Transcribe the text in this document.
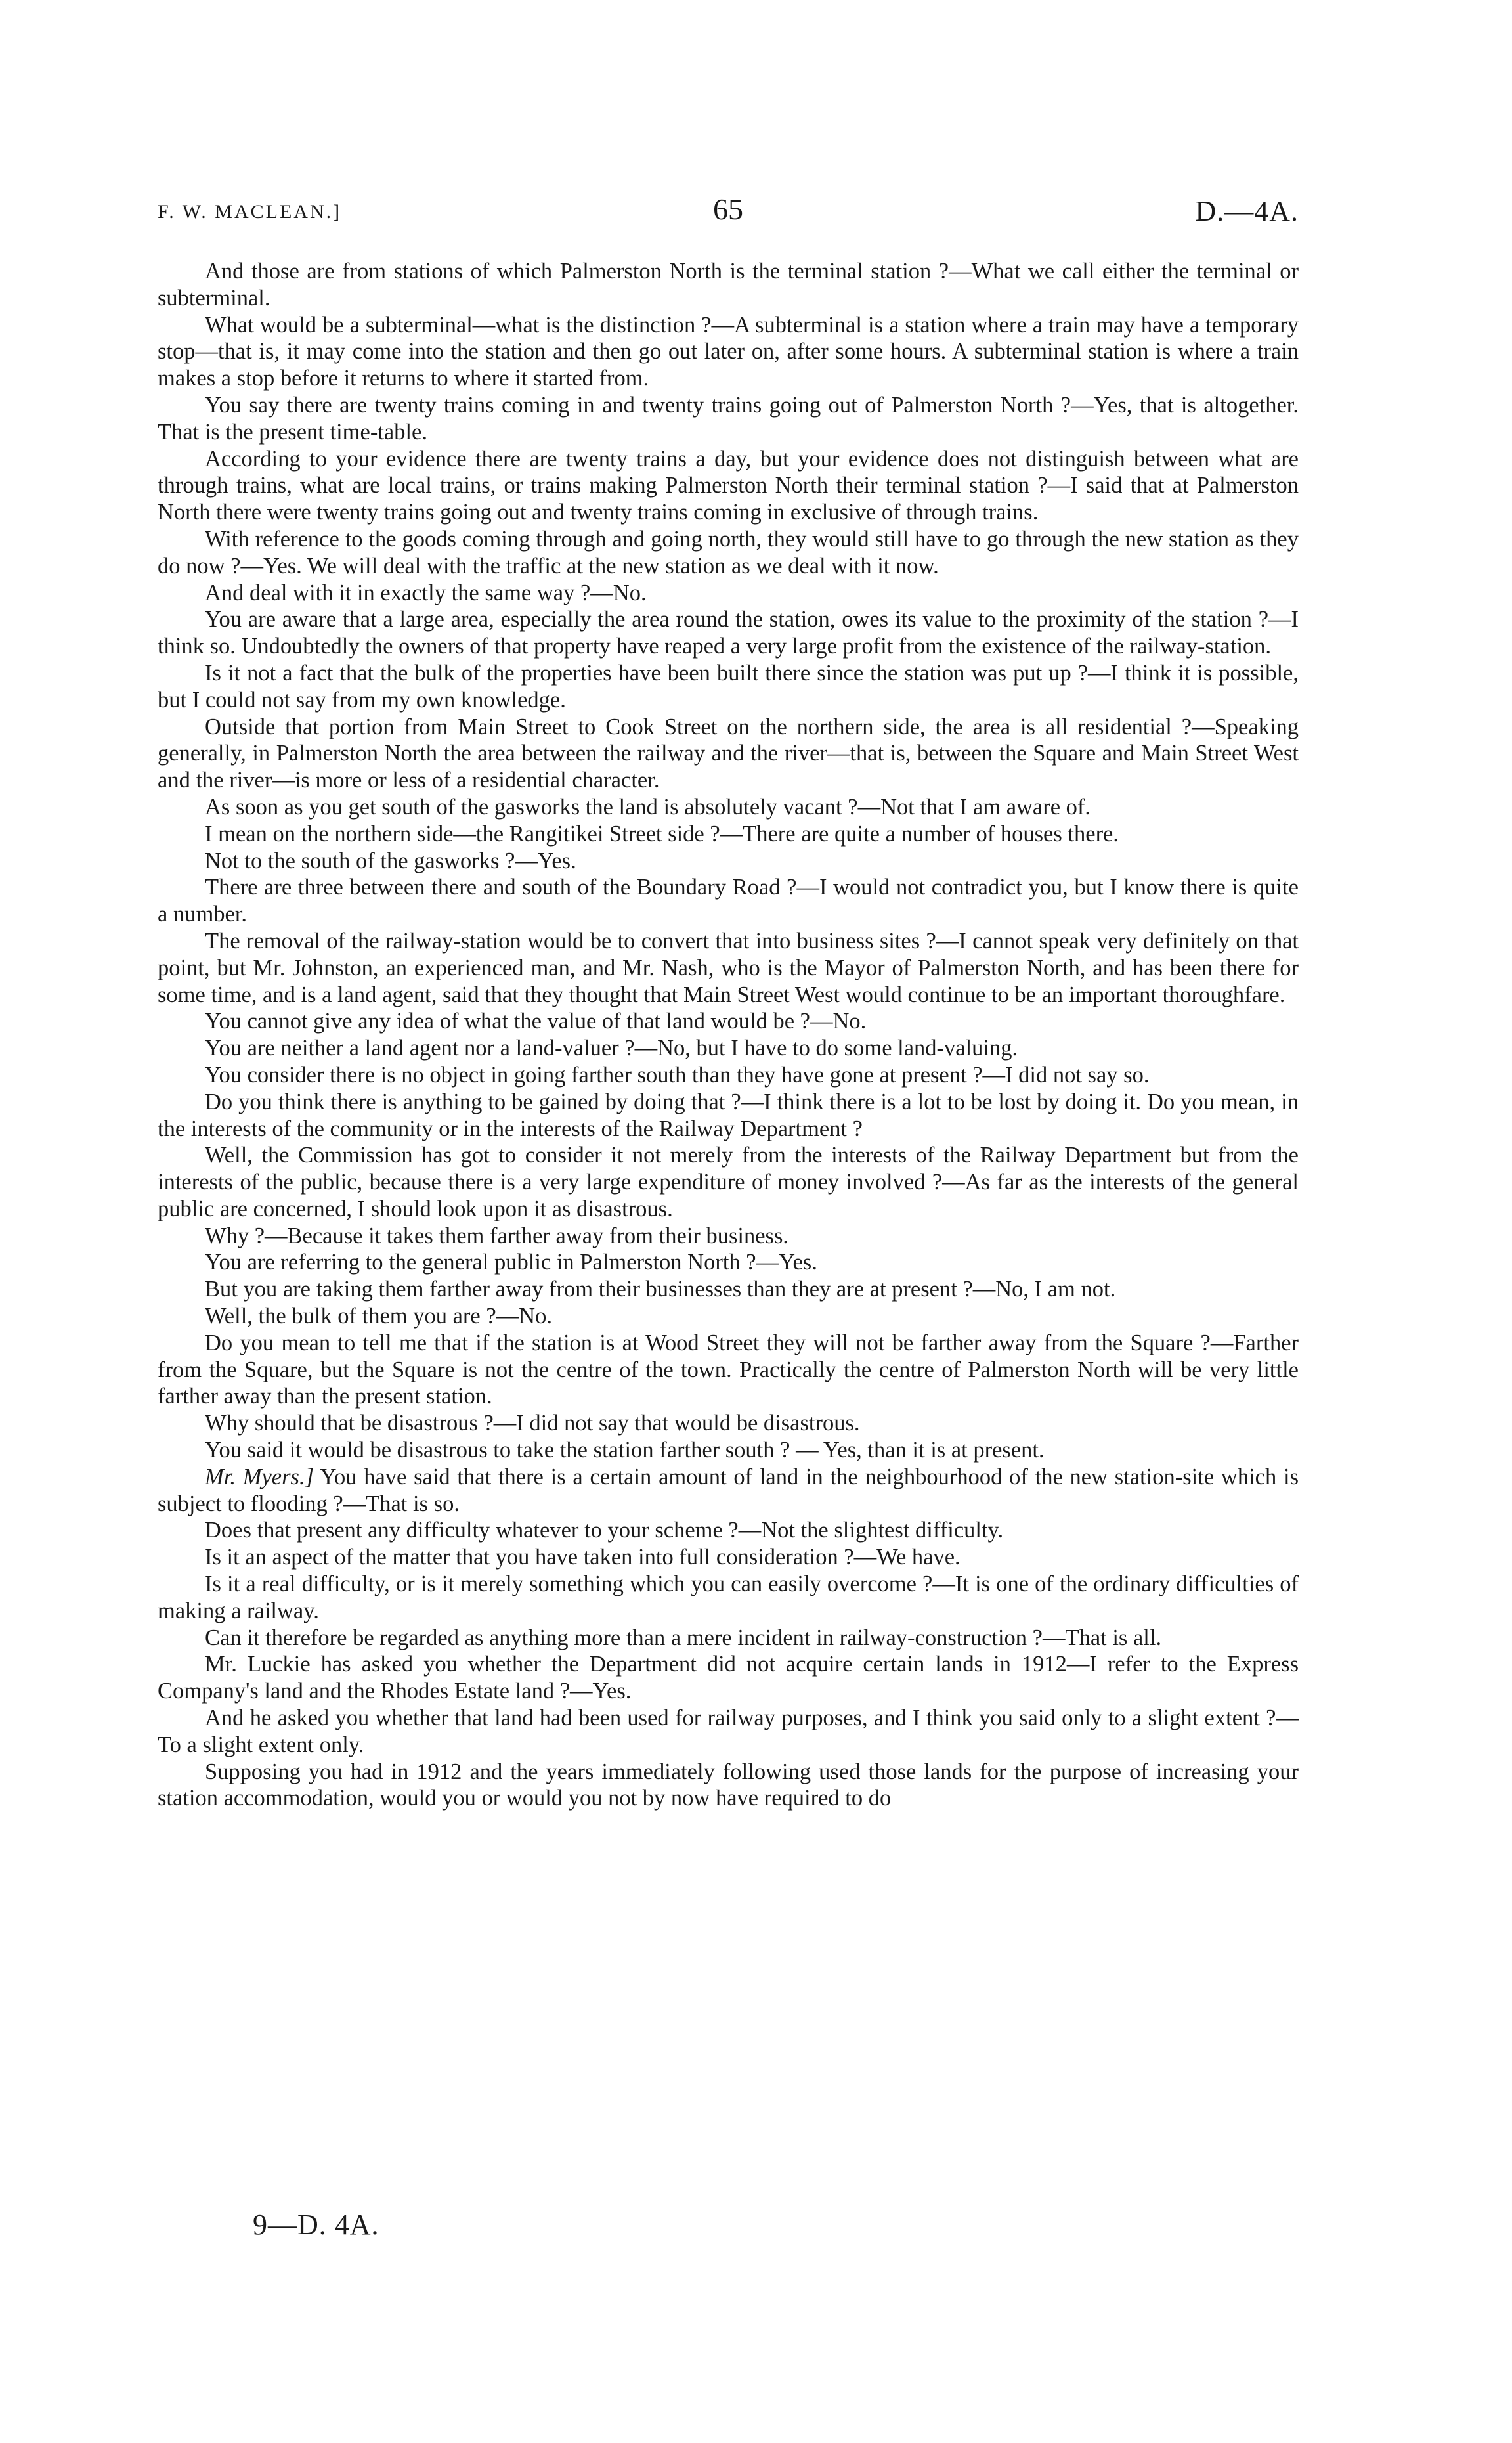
F. W. MACLEAN.]	65	D.—4A.

And those are from stations of which Palmerston North is the terminal station ?—What we call either the terminal or subterminal.

What would be a subterminal—what is the distinction ?—A subterminal is a station where a train may have a temporary stop—that is, it may come into the station and then go out later on, after some hours. A subterminal station is where a train makes a stop before it returns to where it started from.

You say there are twenty trains coming in and twenty trains going out of Palmerston North ?—Yes, that is altogether. That is the present time-table.

According to your evidence there are twenty trains a day, but your evidence does not distinguish between what are through trains, what are local trains, or trains making Palmerston North their terminal station ?—I said that at Palmerston North there were twenty trains going out and twenty trains coming in exclusive of through trains.

With reference to the goods coming through and going north, they would still have to go through the new station as they do now ?—Yes. We will deal with the traffic at the new station as we deal with it now.

And deal with it in exactly the same way ?—No.

You are aware that a large area, especially the area round the station, owes its value to the proximity of the station ?—I think so. Undoubtedly the owners of that property have reaped a very large profit from the existence of the railway-station.

Is it not a fact that the bulk of the properties have been built there since the station was put up ?—I think it is possible, but I could not say from my own knowledge.

Outside that portion from Main Street to Cook Street on the northern side, the area is all residential ?—Speaking generally, in Palmerston North the area between the railway and the river—that is, between the Square and Main Street West and the river—is more or less of a residential character.

As soon as you get south of the gasworks the land is absolutely vacant ?—Not that I am aware of.

I mean on the northern side—the Rangitikei Street side ?—There are quite a number of houses there.

Not to the south of the gasworks ?—Yes.

There are three between there and south of the Boundary Road ?—I would not contradict you, but I know there is quite a number.

The removal of the railway-station would be to convert that into business sites ?—I cannot speak very definitely on that point, but Mr. Johnston, an experienced man, and Mr. Nash, who is the Mayor of Palmerston North, and has been there for some time, and is a land agent, said that they thought that Main Street West would continue to be an important thoroughfare.

You cannot give any idea of what the value of that land would be ?—No.

You are neither a land agent nor a land-valuer ?—No, but I have to do some land-valuing.

You consider there is no object in going farther south than they have gone at present ?—I did not say so.

Do you think there is anything to be gained by doing that ?—I think there is a lot to be lost by doing it. Do you mean, in the interests of the community or in the interests of the Railway Department ?

Well, the Commission has got to consider it not merely from the interests of the Railway Department but from the interests of the public, because there is a very large expenditure of money involved ?—As far as the interests of the general public are concerned, I should look upon it as disastrous.

Why ?—Because it takes them farther away from their business.

You are referring to the general public in Palmerston North ?—Yes.

But you are taking them farther away from their businesses than they are at present ?—No, I am not.

Well, the bulk of them you are ?—No.

Do you mean to tell me that if the station is at Wood Street they will not be farther away from the Square ?—Farther from the Square, but the Square is not the centre of the town. Practically the centre of Palmerston North will be very little farther away than the present station.

Why should that be disastrous ?—I did not say that would be disastrous.

You said it would be disastrous to take the station farther south ? — Yes, than it is at present.

Mr. Myers.] You have said that there is a certain amount of land in the neighbourhood of the new station-site which is subject to flooding ?—That is so.

Does that present any difficulty whatever to your scheme ?—Not the slightest difficulty.

Is it an aspect of the matter that you have taken into full consideration ?—We have.

Is it a real difficulty, or is it merely something which you can easily overcome ?—It is one of the ordinary difficulties of making a railway.

Can it therefore be regarded as anything more than a mere incident in railway-construction ?—That is all.

Mr. Luckie has asked you whether the Department did not acquire certain lands in 1912—I refer to the Express Company's land and the Rhodes Estate land ?—Yes.

And he asked you whether that land had been used for railway purposes, and I think you said only to a slight extent ?—To a slight extent only.

Supposing you had in 1912 and the years immediately following used those lands for the purpose of increasing your station accommodation, would you or would you not by now have required to do

9—D. 4A.
